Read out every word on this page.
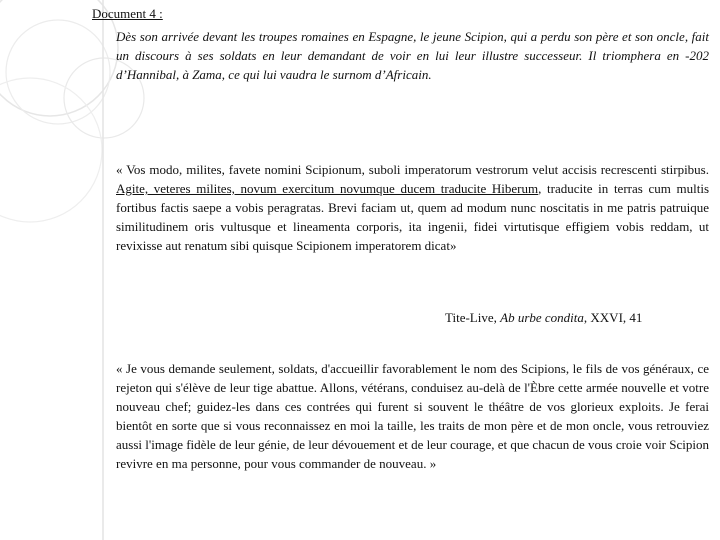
Document 4 :

Dès son arrivée devant les troupes romaines en Espagne, le jeune Scipion, qui a perdu son père et son oncle, fait un discours à ses soldats en leur demandant de voir en lui leur illustre successeur. Il triomphera en -202 d’Hannibal, à Zama, ce qui lui vaudra le surnom d’Africain.

« Vos modo, milites, favete nomini Scipionum, suboli imperatorum vestrorum velut accisis recrescenti stirpibus. Agite, veteres milites, novum exercitum novumque ducem traducite Hiberum, traducite in terras cum multis fortibus factis saepe a vobis peragratas. Brevi faciam ut, quem ad modum nunc noscitatis in me patris patruique similitudinem oris vultusque et lineamenta corporis, ita ingenii, fidei virtutisque effigiem vobis reddam, ut revixisse aut renatum sibi quisque Scipionem imperatorem dicat»

Tite-Live, Ab urbe condita, XXVI, 41

« Je vous demande seulement, soldats, d'accueillir favorablement le nom des Scipions, le fils de vos généraux, ce rejeton qui s'élève de leur tige abattue. Allons, vétérans, conduisez au-delà de l'Èbre cette armée nouvelle et votre nouveau chef; guidez-les dans ces contrées qui furent si souvent le théâtre de vos glorieux exploits. Je ferai bientôt en sorte que si vous reconnaissez en moi la taille, les traits de mon père et de mon oncle, vous retrouviez aussi l'image fidèle de leur génie, de leur dévouement et de leur courage, et que chacun de vous croie voir Scipion revivre en ma personne, pour vous commander de nouveau. »
